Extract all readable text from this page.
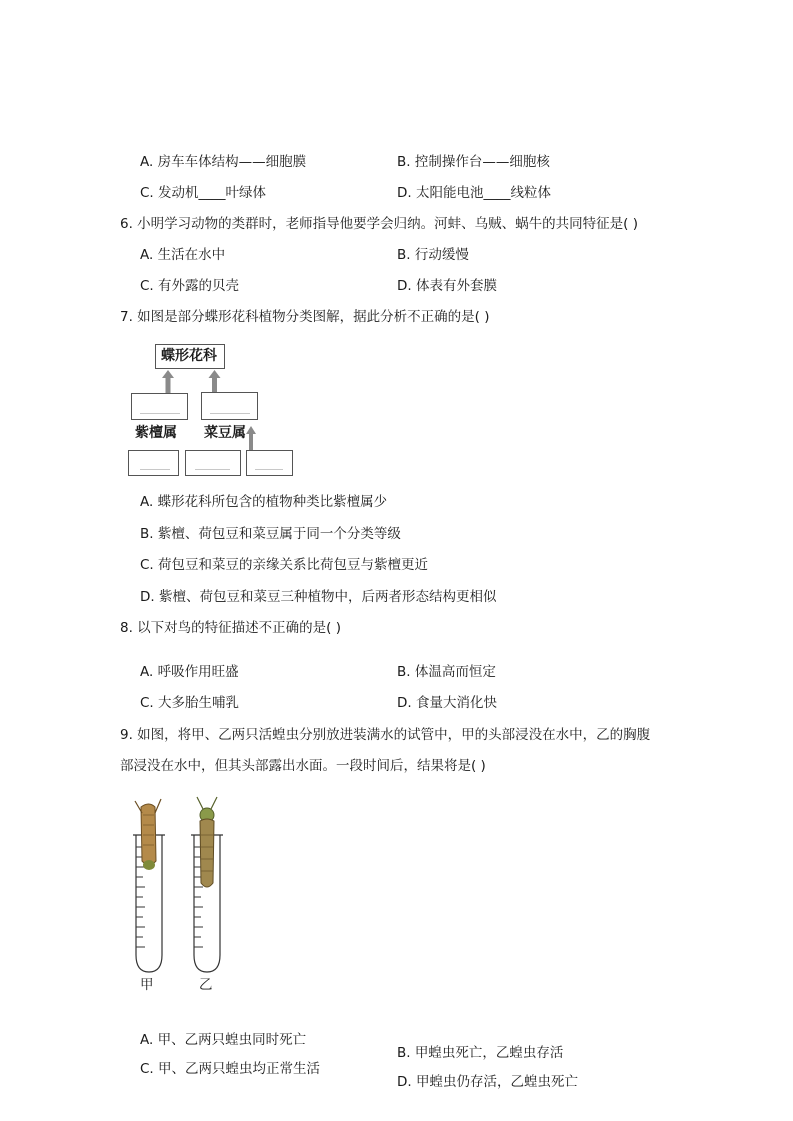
A. 房车车体结构——细胞膜	B. 控制操作台——细胞核
C. 发动机____叶绿体	D. 太阳能电池____线粒体
6. 小明学习动物的类群时，老师指导他要学会归纳。河蚌、乌贼、蜗牛的共同特征是( )
A. 生活在水中	B. 行动缓慢
C. 有外露的贝壳	D. 体表有外套膜
7. 如图是部分蝶形花科植物分类图解，据此分析不正确的是( )
蝶形花科
紫檀属 菜豆属
A. 蝶形花科所包含的植物种类比紫檀属少
B. 紫檀、荷包豆和菜豆属于同一个分类等级
C. 荷包豆和菜豆的亲缘关系比荷包豆与紫檀更近
D. 紫檀、荷包豆和菜豆三种植物中，后两者形态结构更相似
8. 以下对鸟的特征描述不正确的是( )
A. 呼吸作用旺盛	B. 体温高而恒定
C. 大多胎生哺乳	D. 食量大消化快
9. 如图，将甲、乙两只活蝗虫分别放进装满水的试管中，甲的头部浸没在水中，乙的胸腹
部浸没在水中，但其头部露出水面。一段时间后，结果将是( )
甲	乙
A. 甲、乙两只蝗虫同时死亡
B. 甲蝗虫死亡，乙蝗虫存活
C. 甲、乙两只蝗虫均正常生活
D. 甲蝗虫仍存活，乙蝗虫死亡
